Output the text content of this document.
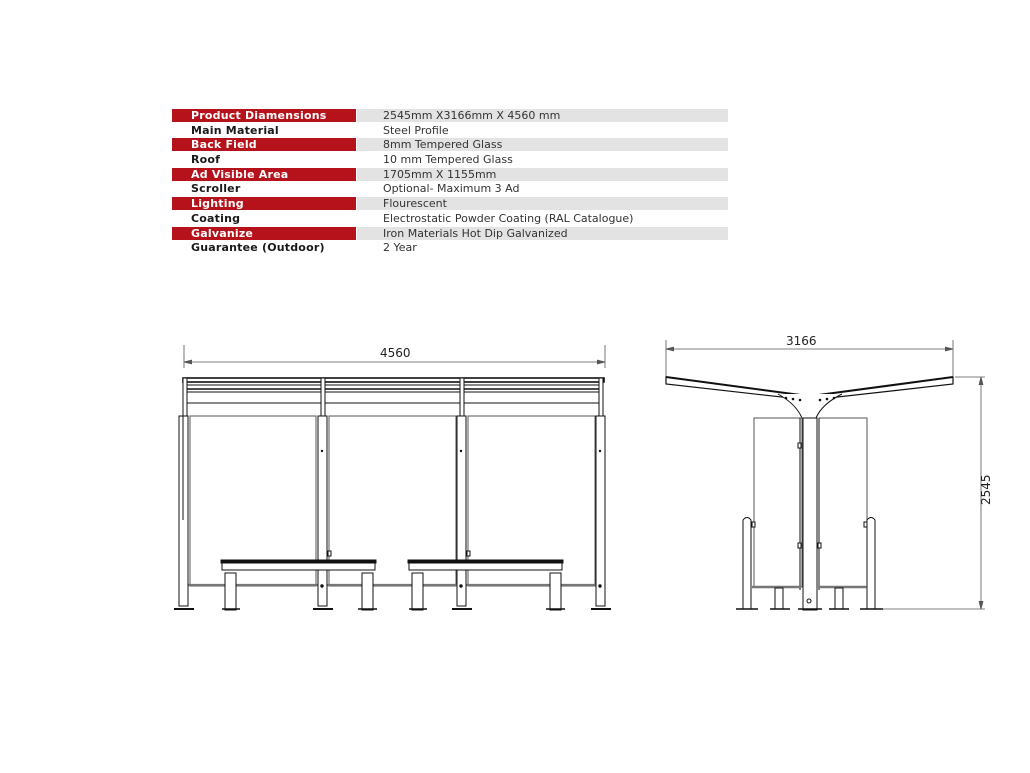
Product Diamensions	2545mm X3166mm X 4560 mm
Main Material	Steel Profile
Back Field	8mm Tempered Glass
Roof	10 mm Tempered Glass
Ad Visible Area	1705mm X 1155mm
Scroller	Optional- Maximum 3 Ad
Lighting	Flourescent
Coating	Electrostatic Powder Coating (RAL Catalogue)
Galvanize	Iron Materials Hot Dip Galvanized
Guarantee (Outdoor)	2 Year
4560
3166
2545
